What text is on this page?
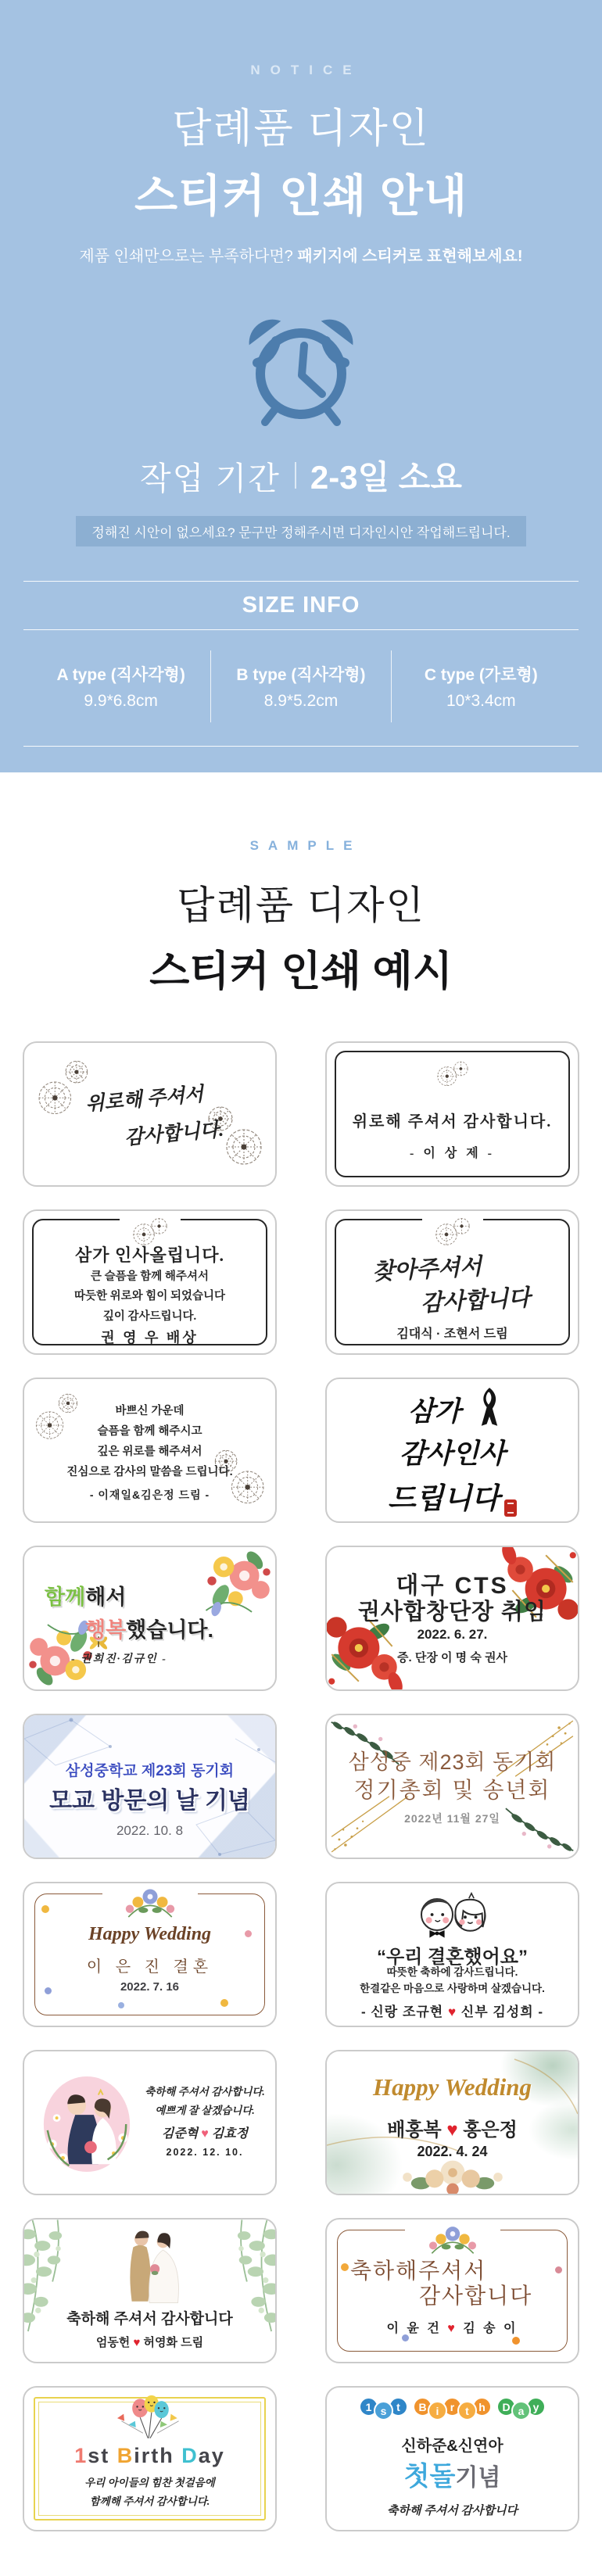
NOTICE
답례품 디자인
스티커 인쇄 안내
제품 인쇄만으로는 부족하다면? 패키지에 스티커로 표현해보세요!
작업 기간 2-3일 소요
정해진 시안이 없으세요? 문구만 정해주시면 디자인시안 작업해드립니다.
SIZE INFO
A type (직사각형)
9.9*6.8cm
B type (직사각형)
8.9*5.2cm
C type (가로형)
10*3.4cm
SAMPLE
답례품 디자인
스티커 인쇄 예시
위로해 주셔서
감사합니다.	위로해 주셔서 감사합니다.
- 이 상 제 -
삼가 인사올립니다.
큰 슬픔을 함께 해주셔서
따듯한 위로와 힘이 되었습니다
깊이 감사드립니다.
권 영 우 배상
찾아주셔서
감사합니다
김대식 · 조현서 드림
바쁘신 가운데
슬픔을 함께 해주시고
깊은 위로를 해주셔서
진심으로 감사의 말씀을 드립니다.
- 이재일&김은정 드림 -
삼가
감사인사
드립니다
함께해서
행복했습니다.
- 권희진·김규인 -
대구 CTS
권사합창단장 취임
2022. 6. 27.
증. 단장 이 명 숙 권사
삼성중학교 제23회 동기회
모교 방문의 날 기념
2022. 10. 8
삼성중 제23회 동기회
정기총회 및 송년회
2022년 11월 27일
Happy Wedding
이 은 진 결혼
2022. 7. 16
“우리 결혼했어요”
따뜻한 축하에 감사드립니다.
한결같은 마음으로 사랑하며 살겠습니다.
- 신랑 조규현 ♥ 신부 김성희 -
축하해 주셔서 감사합니다.
예쁘게 잘 살겠습니다.
김준혁 ♥ 김효정
2022. 12. 10.
Happy Wedding
배홍복 ♥ 홍은정
2022. 4. 24
축하해 주셔서 감사합니다
엄동헌 ♥ 허영화 드림
축하해주셔서
감사합니다
이 윤 건 ♥ 김 송 이
1st Birth Day
우리 아이들의 힘찬 첫걸음에
함께해 주셔서 감사합니다.
1 s t	B i	r t h	D a y
신하준&신연아
첫돌기념
축하해 주셔서 감사합니다
